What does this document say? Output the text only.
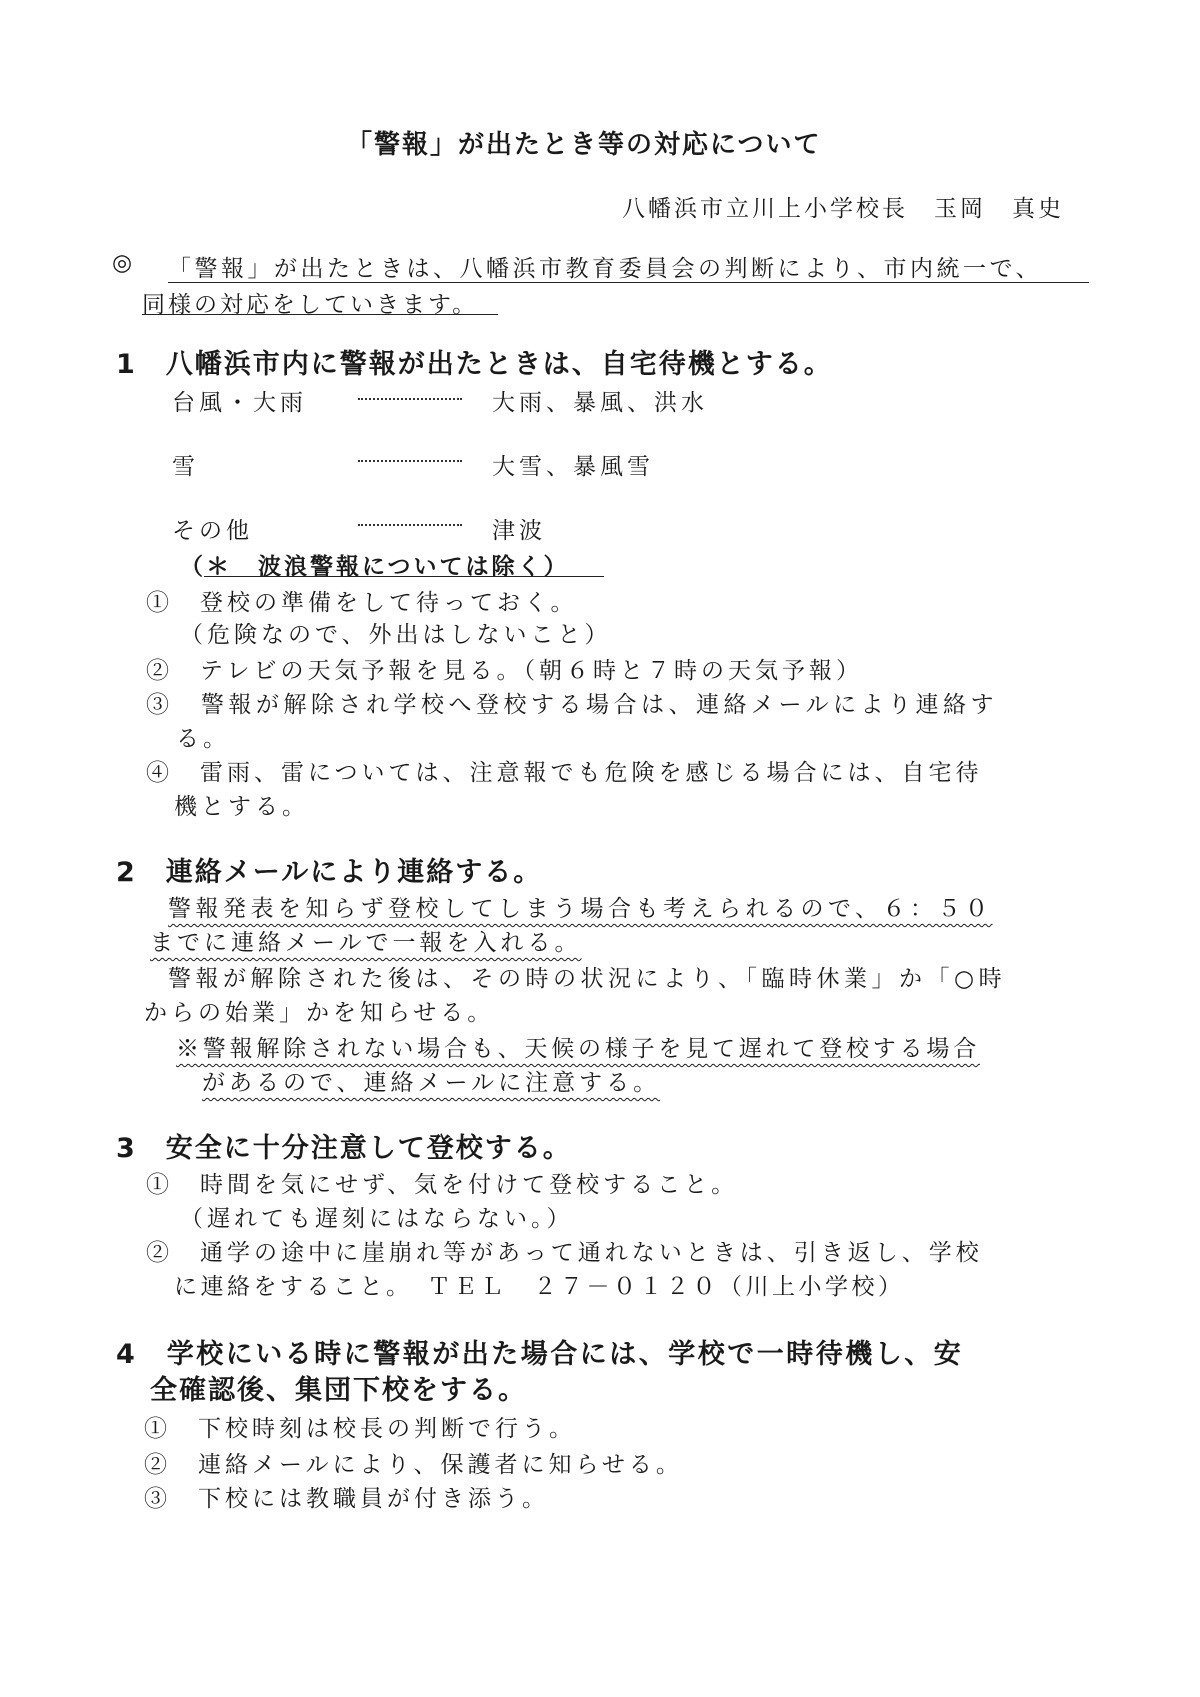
「警報」が出たとき等の対応について
八幡浜市立川上小学校長　玉岡　真史
◎ 「警報」が出たときは、八幡浜市教育委員会の判断により、市内統一で、
同様の対応をしていきます。
1　八幡浜市内に警報が出たときは、自宅待機とする。
台風・大雨	大雨、暴風、洪水
雪	大雪、暴風雪
その他	津波
（＊　波浪警報については除く）
①　登校の準備をして待っておく。
（危険なので、外出はしないこと）
②　テレビの天気予報を見る。（朝６時と７時の天気予報）
③　警報が解除され学校へ登校する場合は、連絡メールにより連絡す
る。
④　雷雨、雷については、注意報でも危険を感じる場合には、自宅待
機とする。
2　連絡メールにより連絡する。
警報発表を知らず登校してしまう場合も考えられるので、６：５０
までに連絡メールで一報を入れる。
警報が解除された後は、その時の状況により、「臨時休業」か「○時
からの始業」かを知らせる。
※警報解除されない場合も、天候の様子を見て遅れて登校する場合
があるので、連絡メールに注意する。
3　安全に十分注意して登校する。
①　時間を気にせず、気を付けて登校すること。
（遅れても遅刻にはならない。）
②　通学の途中に崖崩れ等があって通れないときは、引き返し、学校
に連絡をすること。　ＴＥＬ　２７－０１２０（川上小学校）
4　学校にいる時に警報が出た場合には、学校で一時待機し、安
全確認後、集団下校をする。
①　下校時刻は校長の判断で行う。
②　連絡メールにより、保護者に知らせる。
③　下校には教職員が付き添う。
